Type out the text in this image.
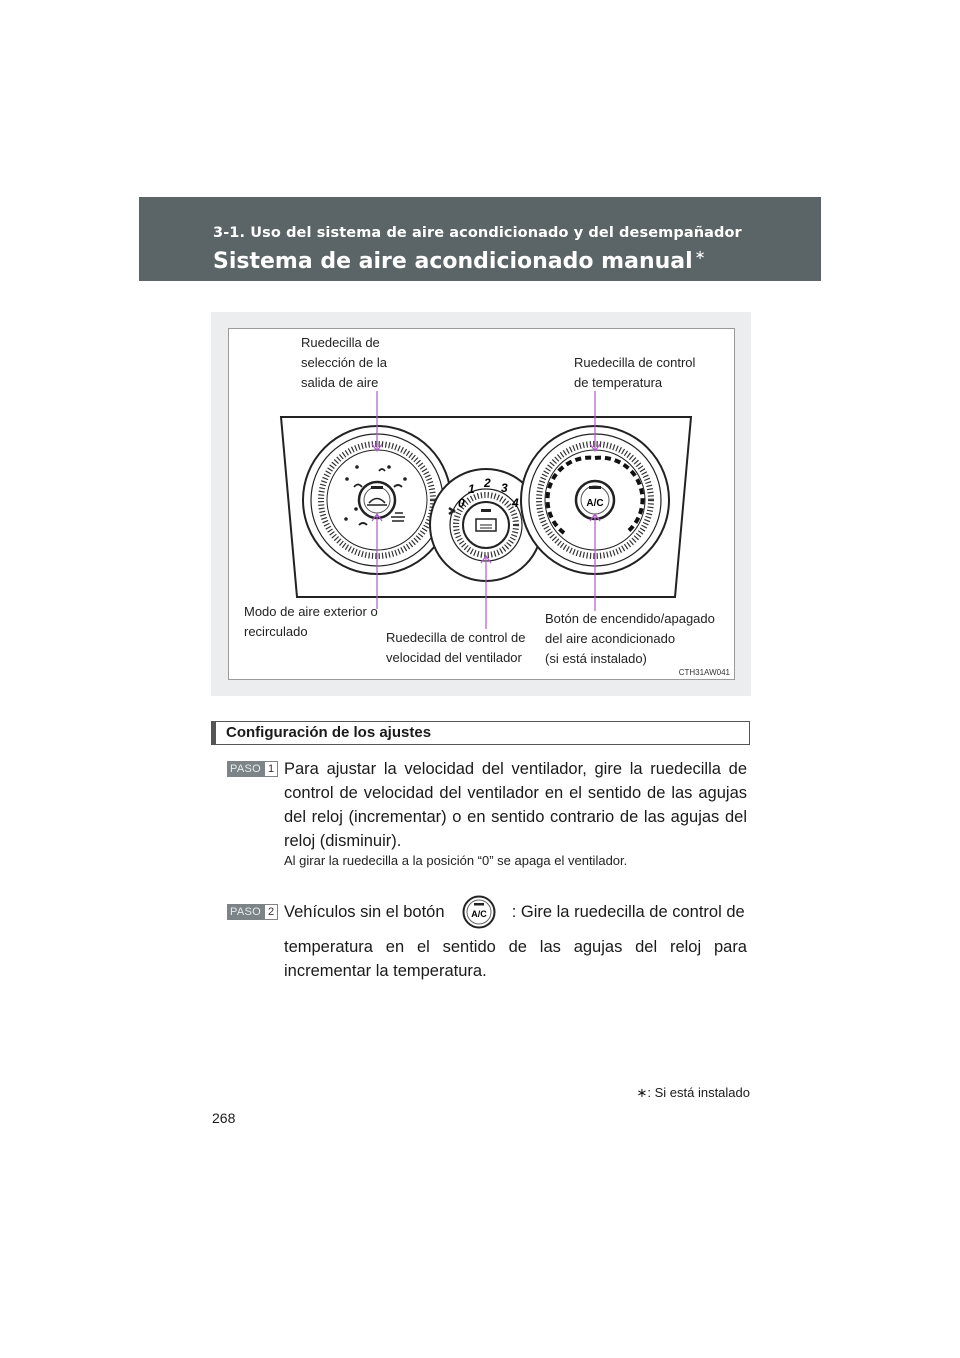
3-1. Uso del sistema de aire acondicionado y del desempañador
Sistema de aire acondicionado manual ∗
0
1 2 3
4	A/C
Ruedecilla de
selección de la
salida de aire
Ruedecilla de control
de temperatura
Modo de aire exterior o
recirculado	Ruedecilla de control de
velocidad del ventilador
Botón de encendido/apagado
del aire acondicionado
(si está instalado)
CTH31AW041
Configuración de los ajustes
PASO 1 Para ajustar la velocidad del ventilador, gire la ruedecilla de control de velocidad del ventilador en el sentido de las agujas del reloj (incrementar) o en sentido contrario de las agujas del reloj (disminuir).
Al girar la ruedecilla a la posición “0” se apaga el ventilador.
PASO 2 Vehículos sin el botón	: Gire la ruedecilla de control de
A/C
temperatura en el sentido de las agujas del reloj para incrementar la temperatura.
∗: Si está instalado
268
